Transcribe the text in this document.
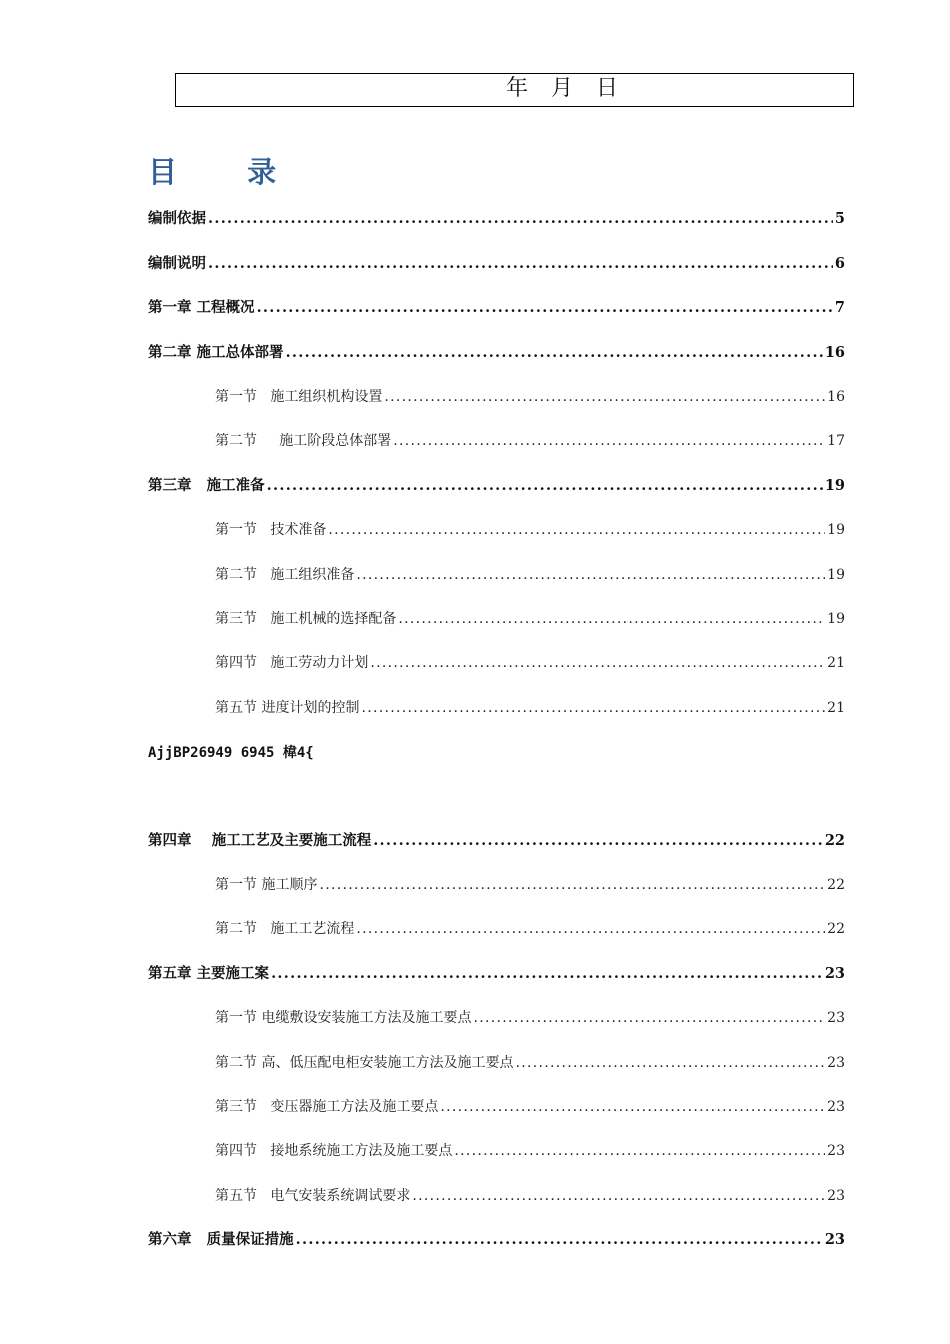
年 月 日
目 录
编制依据 .....	5
编制说明 .....	6
第一章 工程概况 .....	7
第二章 施工总体部署 .....	16
第一节   施工组织机构设置 .....	16
第二节     施工阶段总体部署 .....	17
第三章   施工准备 .....	19
第一节   技术准备 .....	19
第二节   施工组织准备 .....	19
第三节   施工机械的选择配备 .....	19
第四节   施工劳动力计划 .....	21
第五节 进度计划的控制 .....	21
AjjBP26949 6945 椲4{
第四章    施工工艺及主要施工流程 .....	22
第一节 施工顺序 .....	22
第二节   施工工艺流程 .....	22
第五章 主要施工案 .....	23
第一节 电缆敷设安装施工方法及施工要点 .....	23
第二节 高、低压配电柜安装施工方法及施工要点 .....	23
第三节   变压器施工方法及施工要点 .....	23
第四节   接地系统施工方法及施工要点 .....	23
第五节   电气安装系统调试要求 .....	23
第六章   质量保证措施 .....	23
